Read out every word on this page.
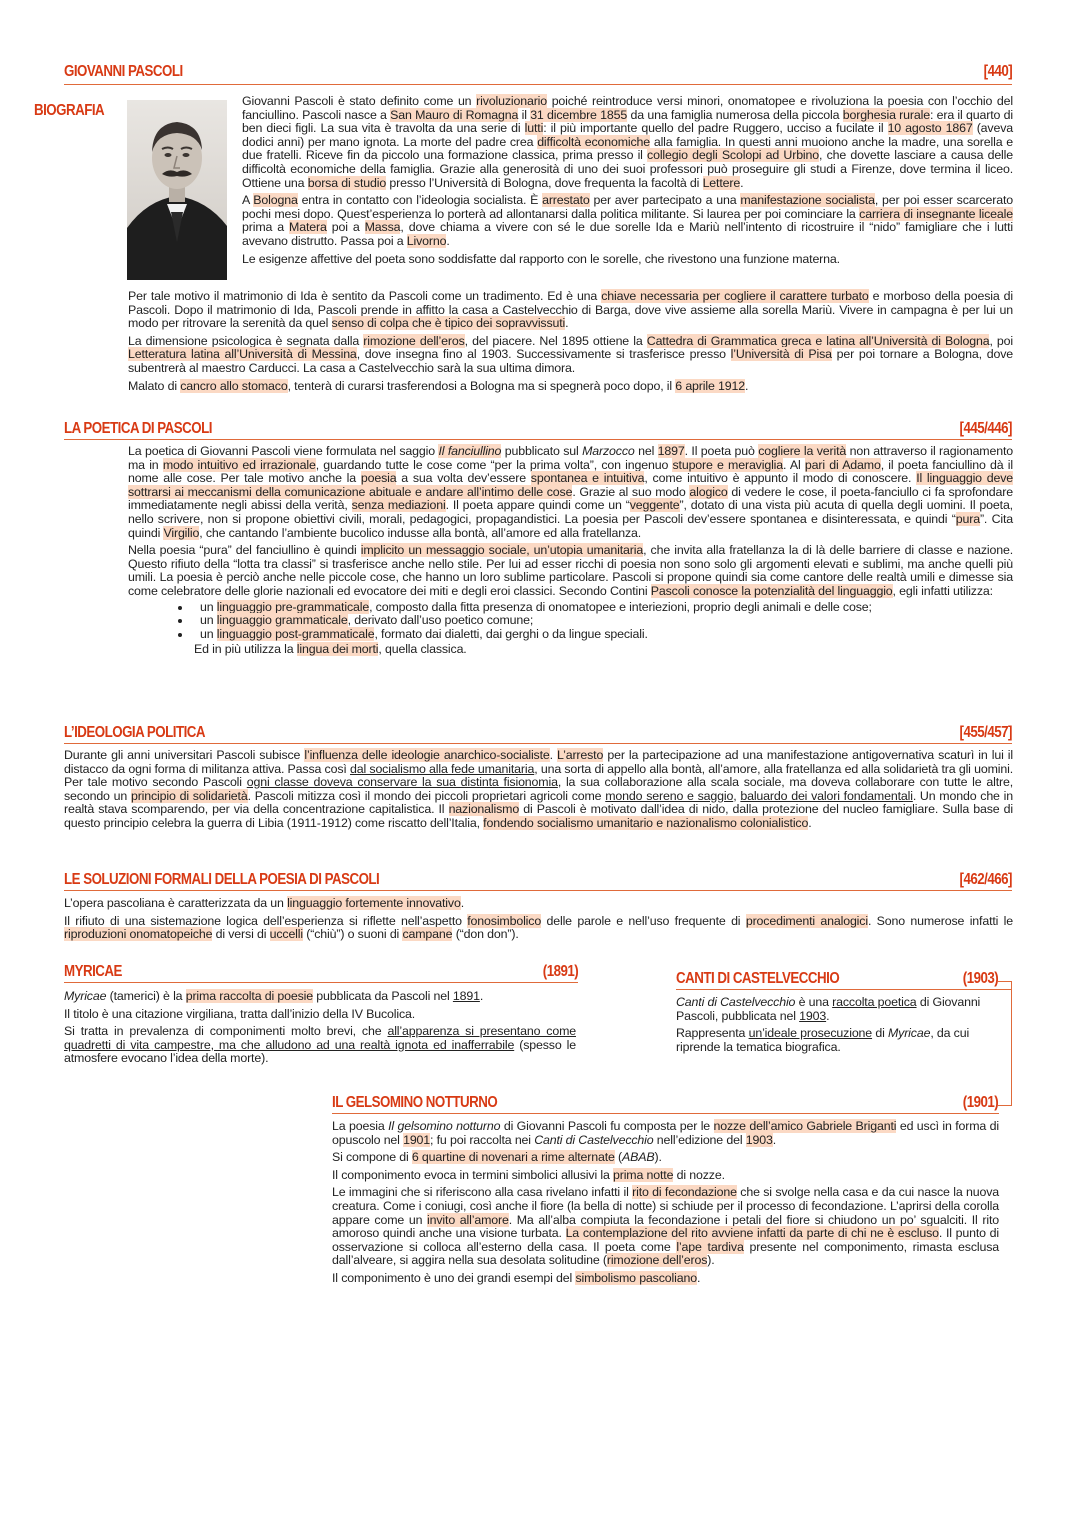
GIOVANNI PASCOLI	[440]
BIOGRAFIA

Giovanni Pascoli è stato definito come un rivoluzionario poiché reintroduce versi minori, onomatopee e rivoluziona la poesia con l’occhio del fanciullino. Pascoli nasce a San Mauro di Romagna il 31 dicembre 1855 da una famiglia numerosa della piccola borghesia rurale: era il quarto di ben dieci figli. La sua vita è travolta da una serie di lutti: il più importante quello del padre Ruggero, ucciso a fucilate il 10 agosto 1867 (aveva dodici anni) per mano ignota. La morte del padre crea difficoltà economiche alla famiglia. In questi anni muoiono anche la madre, una sorella e due fratelli. Riceve fin da piccolo una formazione classica, prima presso il collegio degli Scolopi ad Urbino, che dovette lasciare a causa delle difficoltà economiche della famiglia. Grazie alla generosità di uno dei suoi professori può proseguire gli studi a Firenze, dove termina il liceo. Ottiene una borsa di studio presso l’Università di Bologna, dove frequenta la facoltà di Lettere.

A Bologna entra in contatto con l’ideologia socialista. È arrestato per aver partecipato a una manifestazione socialista, per poi esser scarcerato pochi mesi dopo. Quest’esperienza lo porterà ad allontanarsi dalla politica militante. Si laurea per poi cominciare la carriera di insegnante liceale prima a Matera poi a Massa, dove chiama a vivere con sé le due sorelle Ida e Mariù nell’intento di ricostruire il “nido” famigliare che i lutti avevano distrutto. Passa poi a Livorno.

Le esigenze affettive del poeta sono soddisfatte dal rapporto con le sorelle, che rivestono una funzione materna.

Per tale motivo il matrimonio di Ida è sentito da Pascoli come un tradimento. Ed è una chiave necessaria per cogliere il carattere turbato e morboso della poesia di Pascoli. Dopo il matrimonio di Ida, Pascoli prende in affitto la casa a Castelvecchio di Barga, dove vive assieme alla sorella Mariù. Vivere in campagna è per lui un modo per ritrovare la serenità da quel senso di colpa che è tipico dei sopravvissuti.

La dimensione psicologica è segnata dalla rimozione dell’eros, del piacere. Nel 1895 ottiene la Cattedra di Grammatica greca e latina all’Università di Bologna, poi Letteratura latina all’Università di Messina, dove insegna fino al 1903. Successivamente si trasferisce presso l’Università di Pisa per poi tornare a Bologna, dove subentrerà al maestro Carducci. La casa a Castelvecchio sarà la sua ultima dimora.

Malato di cancro allo stomaco, tenterà di curarsi trasferendosi a Bologna ma si spegnerà poco dopo, il 6 aprile 1912.

LA POETICA DI PASCOLI	[445/446]

La poetica di Giovanni Pascoli viene formulata nel saggio Il fanciullino pubblicato sul Marzocco nel 1897. Il poeta può cogliere la verità non attraverso il ragionamento ma in modo intuitivo ed irrazionale, guardando tutte le cose come “per la prima volta”, con ingenuo stupore e meraviglia. Al pari di Adamo, il poeta fanciullino dà il nome alle cose. Per tale motivo anche la poesia a sua volta dev’essere spontanea e intuitiva, come intuitivo è appunto il modo di conoscere. Il linguaggio deve sottrarsi ai meccanismi della comunicazione abituale e andare all’intimo delle cose. Grazie al suo modo alogico di vedere le cose, il poeta-fanciullo ci fa sprofondare immediatamente negli abissi della verità, senza mediazioni. Il poeta appare quindi come un “veggente”, dotato di una vista più acuta di quella degli uomini. Il poeta, nello scrivere, non si propone obiettivi civili, morali, pedagogici, propagandistici. La poesia per Pascoli dev’essere spontanea e disinteressata, e quindi “pura”. Cita quindi Virgilio, che cantando l’ambiente bucolico indusse alla bontà, all’amore ed alla fratellanza.

Nella poesia “pura” del fanciullino è quindi implicito un messaggio sociale, un’utopia umanitaria, che invita alla fratellanza la di là delle barriere di classe e nazione. Questo rifiuto della “lotta tra classi” si trasferisce anche nello stile. Per lui ad esser ricchi di poesia non sono solo gli argomenti elevati e sublimi, ma anche quelli più umili. La poesia è perciò anche nelle piccole cose, che hanno un loro sublime particolare. Pascoli si propone quindi sia come cantore delle realtà umili e dimesse sia come celebratore delle glorie nazionali ed evocatore dei miti e degli eroi classici. Secondo Contini Pascoli conosce la potenzialità del linguaggio, egli infatti utilizza:

• un linguaggio pre-grammaticale, composto dalla fitta presenza di onomatopee e interiezioni, proprio degli animali e delle cose;
• un linguaggio grammaticale, derivato dall’uso poetico comune;
• un linguaggio post-grammaticale, formato dai dialetti, dai gerghi o da lingue speciali.

Ed in più utilizza la lingua dei morti, quella classica.

L’IDEOLOGIA POLITICA	[455/457]

Durante gli anni universitari Pascoli subisce l’influenza delle ideologie anarchico-socialiste. L’arresto per la partecipazione ad una manifestazione antigovernativa scaturì in lui il distacco da ogni forma di militanza attiva. Passa così dal socialismo alla fede umanitaria, una sorta di appello alla bontà, all’amore, alla fratellanza ed alla solidarietà tra gli uomini. Per tale motivo secondo Pascoli ogni classe doveva conservare la sua distinta fisionomia, la sua collaborazione alla scala sociale, ma doveva collaborare con tutte le altre, secondo un principio di solidarietà. Pascoli mitizza così il mondo dei piccoli proprietari agricoli come mondo sereno e saggio, baluardo dei valori fondamentali. Un mondo che in realtà stava scomparendo, per via della concentrazione capitalistica. Il nazionalismo di Pascoli è motivato dall’idea di nido, dalla protezione del nucleo famigliare. Sulla base di questo principio celebra la guerra di Libia (1911-1912) come riscatto dell’Italia, fondendo socialismo umanitario e nazionalismo colonialistico.

LE SOLUZIONI FORMALI DELLA POESIA DI PASCOLI	[462/466]

L’opera pascoliana è caratterizzata da un linguaggio fortemente innovativo.

Il rifiuto di una sistemazione logica dell’esperienza si riflette nell’aspetto fonosimbolico delle parole e nell’uso frequente di procedimenti analogici. Sono numerose infatti le riproduzioni onomatopeiche di versi di uccelli (“chiù”) o suoni di campane (“don don”).

MYRICAE	(1891)

Myricae (tamerici) è la prima raccolta di poesie pubblicata da Pascoli nel 1891.

Il titolo è una citazione virgiliana, tratta dall’inizio della IV Bucolica.

Si tratta in prevalenza di componimenti molto brevi, che all’apparenza si presentano come quadretti di vita campestre, ma che alludono ad una realtà ignota ed inafferrabile (spesso le atmosfere evocano l’idea della morte).

CANTI DI CASTELVECCHIO	(1903)

Canti di Castelvecchio è una raccolta poetica di Giovanni Pascoli, pubblicata nel 1903.

Rappresenta un’ideale prosecuzione di Myricae, da cui riprende la tematica biografica.

IL GELSOMINO NOTTURNO	(1901)

La poesia Il gelsomino notturno di Giovanni Pascoli fu composta per le nozze dell’amico Gabriele Briganti ed uscì in forma di opuscolo nel 1901; fu poi raccolta nei Canti di Castelvecchio nell’edizione del 1903.

Si compone di 6 quartine di novenari a rime alternate (ABAB).

Il componimento evoca in termini simbolici allusivi la prima notte di nozze.

Le immagini che si riferiscono alla casa rivelano infatti il rito di fecondazione che si svolge nella casa e da cui nasce la nuova creatura. Come i coniugi, così anche il fiore (la bella di notte) si schiude per il processo di fecondazione. L’aprirsi della corolla appare come un invito all’amore. Ma all’alba compiuta la fecondazione i petali del fiore si chiudono un po’ sgualciti. Il rito amoroso quindi anche una visione turbata. La contemplazione del rito avviene infatti da parte di chi ne è escluso. Il punto di osservazione si colloca all’esterno della casa. Il poeta come l’ape tardiva presente nel componimento, rimasta esclusa dall’alveare, si aggira nella sua desolata solitudine (rimozione dell’eros).

Il componimento è uno dei grandi esempi del simbolismo pascoliano.
